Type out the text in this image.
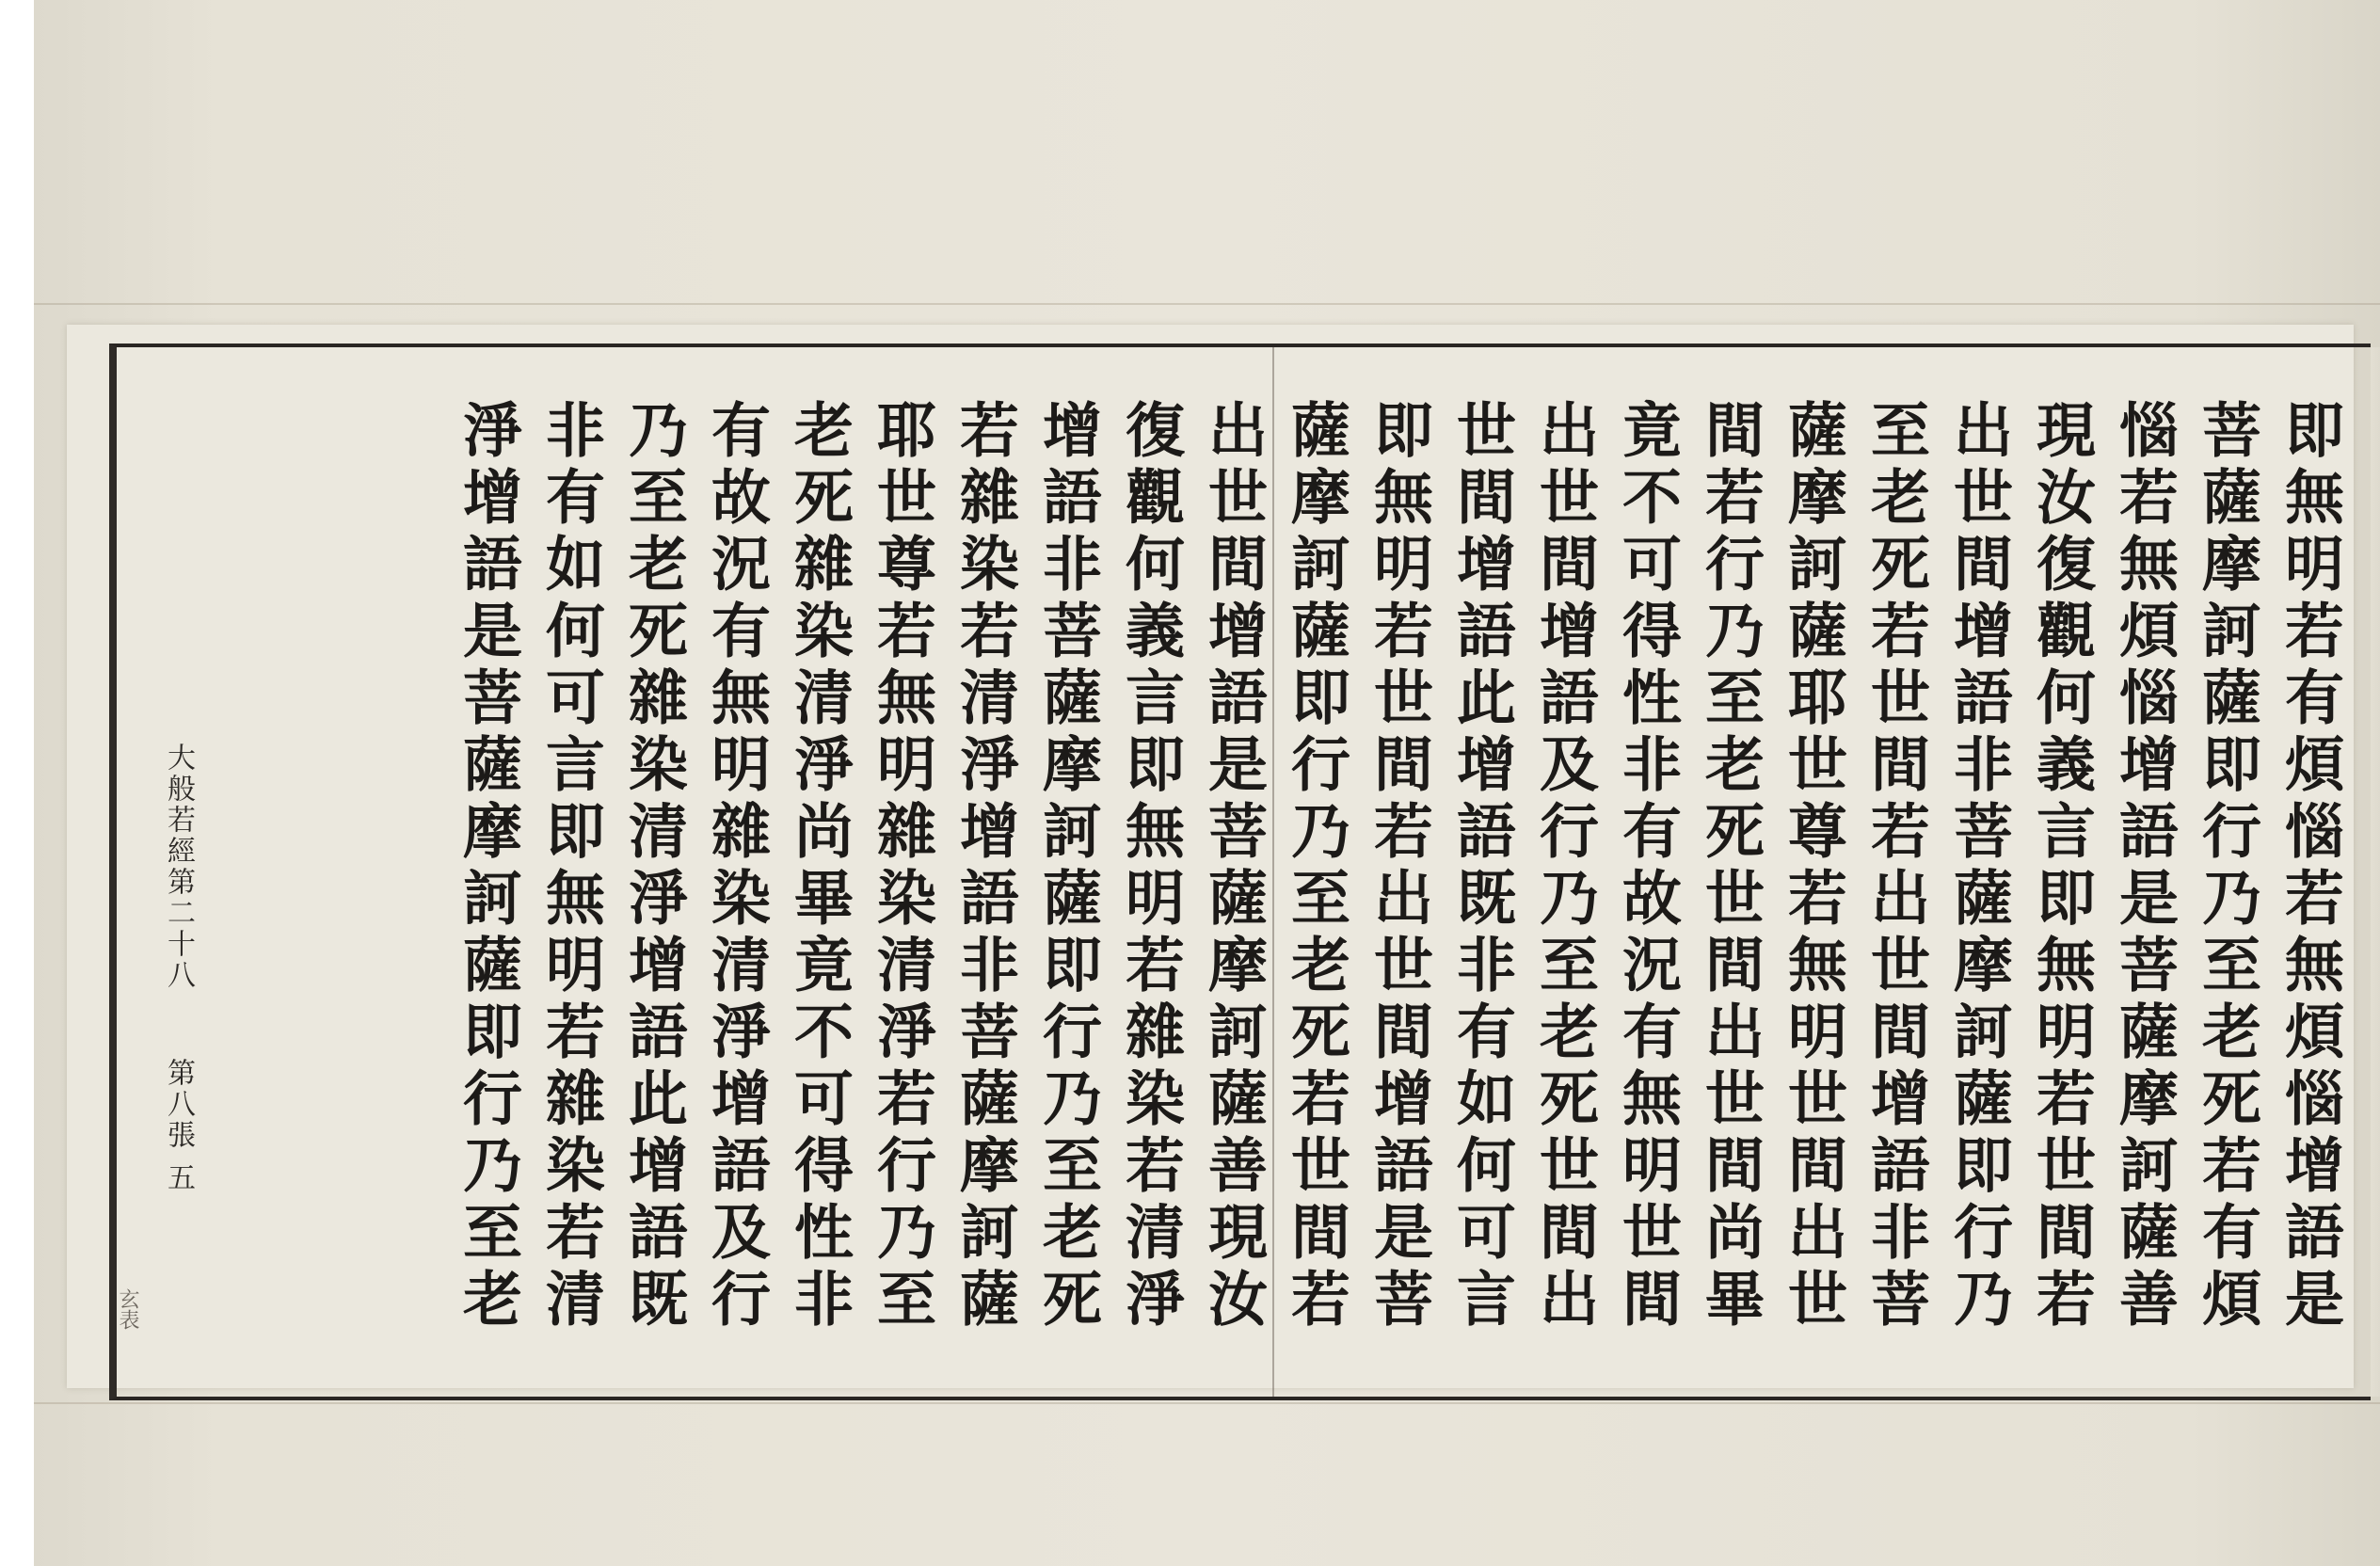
大般若經第二十八
第八張 五
玄表	即無明若有煩惱若無煩惱增語是
菩薩摩訶薩即行乃至老死若有煩
惱若無煩惱增語是菩薩摩訶薩善
現汝復觀何義言即無明若世間若
出世間增語非菩薩摩訶薩即行乃
至老死若世間若出世間增語非菩
薩摩訶薩耶世尊若無明世間出世
間若行乃至老死世間出世間尚畢
竟不可得性非有故況有無明世間
出世間增語及行乃至老死世間出
世間增語此增語既非有如何可言
即無明若世間若出世間增語是菩
薩摩訶薩即行乃至老死若世間若
出世間增語是菩薩摩訶薩善現汝
復觀何義言即無明若雜染若清淨
增語非菩薩摩訶薩即行乃至老死
若雜染若清淨增語非菩薩摩訶薩
耶世尊若無明雜染清淨若行乃至
老死雜染清淨尚畢竟不可得性非
有故況有無明雜染清淨增語及行
乃至老死雜染清淨增語此增語既
非有如何可言即無明若雜染若清
淨增語是菩薩摩訶薩即行乃至老
